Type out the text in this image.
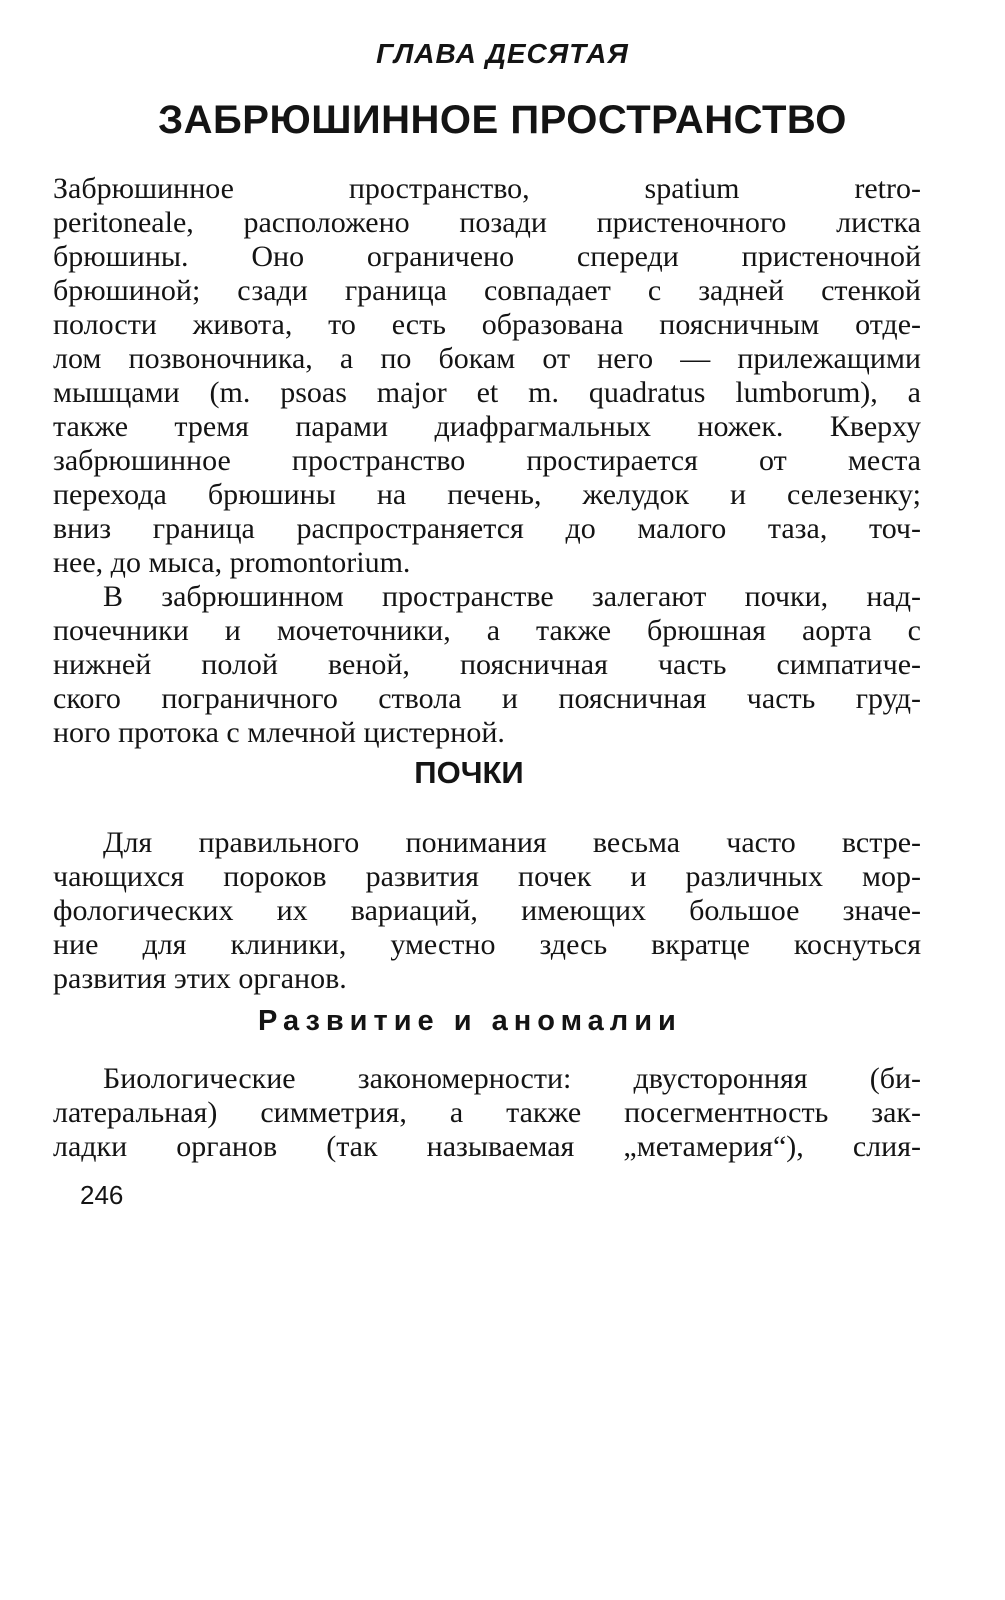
ГЛАВА ДЕСЯТАЯ
ЗАБРЮШИННОЕ ПРОСТРАНСТВО
Забрюшинное пространство, spatium retro-
peritoneale, расположено позади пристеночного листка
брюшины. Оно ограничено спереди пристеночной
брюшиной; сзади граница совпадает с задней стенкой
полости живота, то есть образована поясничным отде-
лом позвоночника, а по бокам от него — прилежащими
мышцами (m. psoas major et m. quadratus lumborum), а
также тремя парами диафрагмальных ножек. Кверху
забрюшинное пространство простирается от места
перехода брюшины на печень, желудок и селезенку;
вниз граница распространяется до малого таза, точ-
нее, до мыса, promontorium.
В забрюшинном пространстве залегают почки, над-
почечники и мочеточники, а также брюшная аорта с
нижней полой веной, поясничная часть симпатиче-
ского пограничного ствола и поясничная часть груд-
ного протока с млечной цистерной.
ПОЧКИ
Для правильного понимания весьма часто встре-
чающихся пороков развития почек и различных мор-
фологических их вариаций, имеющих большое значе-
ние для клиники, уместно здесь вкратце коснуться
развития этих органов.
Развитие и аномалии
Биологические закономерности: двусторонняя (би-
латеральная) симметрия, а также посегментность зак-
ладки органов (так называемая „метамерия“), слия-
246
